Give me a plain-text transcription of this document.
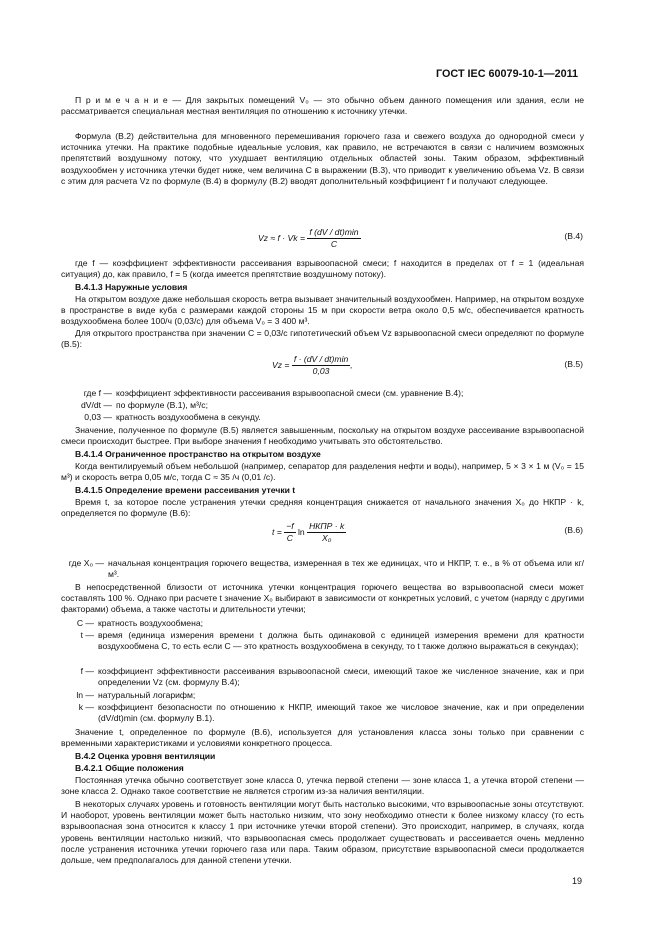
ГОСТ IEC 60079-10-1—2011

П р и м е ч а н и е — Для закрытых помещений V₀ — это обычно объем данного помещения или здания, если не рассматривается специальная местная вентиляция по отношению к источнику утечки.

Формула (В.2) действительна для мгновенного перемешивания горючего газа и свежего воздуха до однородной смеси у источника утечки. На практике подобные идеальные условия, как правило, не встречаются в связи с наличием возможных препятствий воздушному потоку, что ухудшает вентиляцию отдельных областей зоны. Таким образом, эффективный воздухообмен у источника утечки будет ниже, чем величина C в выражении (В.3), что приводит к увеличению объема Vz. В связи с этим для расчета Vz по формуле (В.4) в формулу (В.2) вводят дополнительный коэффициент f и получают следующее.

$Vz \approx f \cdot Vk = \frac{f (dV / dt)\min}{C}$	(В.4)

где f — коэффициент эффективности рассеивания взрывоопасной смеси; f находится в пределах от f = 1 (идеальная ситуация) до, как правило, f = 5 (когда имеется препятствие воздушному потоку).

В.4.1.3 Наружные условия

На открытом воздухе даже небольшая скорость ветра вызывает значительный воздухообмен. Например, на открытом воздухе в пространстве в виде куба с размерами каждой стороны 15 м при скорости ветра около 0,5 м/с, обеспечивается кратность воздухообмена более 100/ч (0,03/с) для объема V₀ = 3 400 м³.

Для открытого пространства при значении C = 0,03/с гипотетический объем Vz взрывоопасной смеси определяют по формуле (В.5):

$Vz = \frac{f \cdot (dV / dt)\min}{0,03}$ ,	(В.5)
где f — коэффициент эффективности рассеивания взрывоопасной смеси (см. уравнение В.4);
dV/dt — по формуле (В.1), м³/с;
0,03 — кратность воздухообмена в секунду.

Значение, полученное по формуле (В.5) является завышенным, поскольку на открытом воздухе рассеивание взрывоопасной смеси происходит быстрее. При выборе значения f необходимо учитывать это обстоятельство.

В.4.1.4 Ограниченное пространство на открытом воздухе

Когда вентилируемый объем небольшой (например, сепаратор для разделения нефти и воды), например, 5 × 3 × 1 м (V₀ = 15 м³) и скорость ветра 0,05 м/с, тогда C ≈ 35 /ч (0,01 /с).

В.4.1.5 Определение времени рассеивания утечки t

Время t, за которое после устранения утечки средняя концентрация снижается от начального значения X₀ до НКПР · k, определяется по формуле (В.6):

$t = \frac{-f}{C}$ $\ln \frac{\text{НКПР · k}}{\text{X₀}}$	(В.6)
где X₀ — начальная концентрация горючего вещества, измеренная в тех же единицах, что и НКПР, т. е., в % от объема или кг/м³.

В непосредственной близости от источника утечки концентрация горючего вещества во взрывоопасной смеси может составлять 100 %. Однако при расчете t значение X₀ выбирают в зависимости от конкретных условий, с учетом (наряду с другими факторами) объема, а также частоты и длительности утечки;

C — кратность воздухообмена;
t — время (единица измерения времени t должна быть одинаковой с единицей измерения времени для кратности воздухообмена C, то есть если C — это кратность воздухообмена в секунду, то t также должно выражаться в секундах);
f — коэффициент эффективности рассеивания взрывоопасной смеси, имеющий такое же численное значение, как и при определении Vz (см. формулу В.4);
ln — натуральный логарифм;
k — коэффициент безопасности по отношению к НКПР, имеющий такое же числовое значение, как и при определении (dV/dt)min (см. формулу В.1).

Значение t, определенное по формуле (В.6), используется для установления класса зоны только при сравнении с временными характеристиками и условиями конкретного процесса.

В.4.2 Оценка уровня вентиляции
В.4.2.1 Общие положения

Постоянная утечка обычно соответствует зоне класса 0, утечка первой степени — зоне класса 1, а утечка второй степени — зоне класса 2. Однако такое соответствие не является строгим из-за наличия вентиляции.

В некоторых случаях уровень и готовность вентиляции могут быть настолько высокими, что взрывоопасные зоны отсутствуют. И наоборот, уровень вентиляции может быть настолько низким, что зону необходимо отнести к более низкому классу (то есть взрывоопасная зона относится к классу 1 при источнике утечки второй степени). Это происходит, например, в случаях, когда уровень вентиляции настолько низкий, что взрывоопасная смесь продолжает существовать и рассеивается очень медленно после устранения источника утечки горючего газа или пара. Таким образом, присутствие взрывоопасной смеси продолжается дольше, чем предполагалось для данной степени утечки.

19
